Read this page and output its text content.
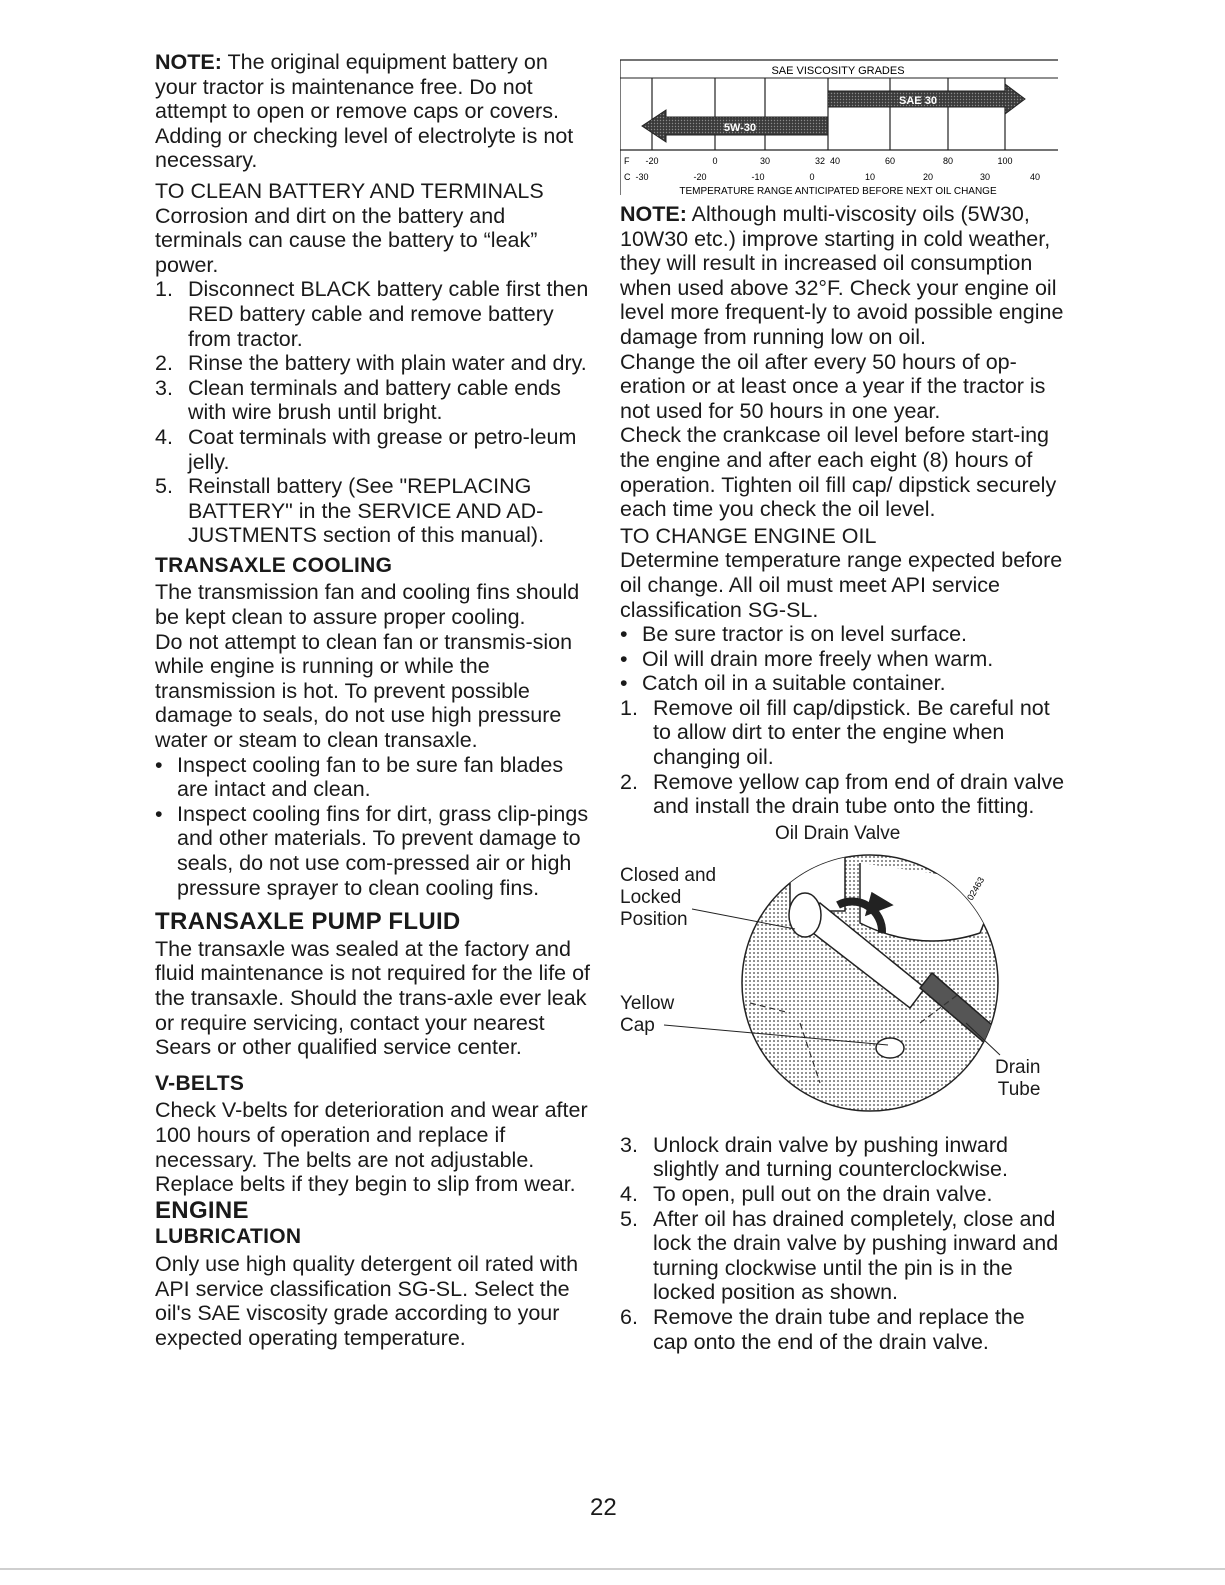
NOTE: The original equipment battery on your tractor is maintenance free. Do not attempt to open or remove caps or covers. Adding or checking level of electrolyte is not necessary.

TO CLEAN BATTERY AND TERMINALS

Corrosion and dirt on the battery and terminals can cause the battery to “leak” power.

1. Disconnect BLACK battery cable first then RED battery cable and remove battery from tractor.
2. Rinse the battery with plain water and dry.
3. Clean terminals and battery cable ends with wire brush until bright.
4. Coat terminals with grease or petro-leum jelly.
5. Reinstall battery (See "REPLACING BATTERY" in the SERVICE AND AD-JUSTMENTS section of this manual).
TRANSAXLE COOLING

The transmission fan and cooling fins should be kept clean to assure proper cooling.

Do not attempt to clean fan or transmis-sion while engine is running or while the transmission is hot. To prevent possible damage to seals, do not use high pressure water or steam to clean transaxle.

• Inspect cooling fan to be sure fan blades are intact and clean.
• Inspect cooling fins for dirt, grass clip-pings and other materials. To prevent damage to seals, do not use com-pressed air or high pressure sprayer to clean cooling fins.
TRANSAXLE PUMP FLUID

The transaxle was sealed at the factory and fluid maintenance is not required for the life of the transaxle. Should the trans-axle ever leak or require servicing, contact your nearest Sears or other qualified service center.

V-BELTS

Check V-belts for deterioration and wear after 100 hours of operation and replace if necessary. The belts are not adjustable. Replace belts if they begin to slip from wear.

ENGINE
LUBRICATION

Only use high quality detergent oil rated with API service classification SG-SL. Select the oil's SAE viscosity grade according to your expected operating temperature.

SAE VISCOSITY GRADES
5W-30
SAE 30
F
C
-20	0	30	32 40	60	80	100
-30	-20	-10	0	10	20	30	40
TEMPERATURE RANGE ANTICIPATED BEFORE NEXT OIL CHANGE

NOTE: Although multi-viscosity oils (5W30, 10W30 etc.) improve starting in cold weather, they will result in increased oil consumption when used above 32°F. Check your engine oil level more frequent-ly to avoid possible engine damage from running low on oil.

Change the oil after every 50 hours of op-eration or at least once a year if the tractor is not used for 50 hours in one year.

Check the crankcase oil level before start-ing the engine and after each eight (8) hours of operation. Tighten oil fill cap/ dipstick securely each time you check the oil level.

TO CHANGE ENGINE OIL

Determine temperature range expected before oil change. All oil must meet API service classification SG-SL.

• Be sure tractor is on level surface.
• Oil will drain more freely when warm.
• Catch oil in a suitable container.
1. Remove oil fill cap/dipstick. Be careful not to allow dirt to enter the engine when changing oil.
2. Remove yellow cap from end of drain valve and install the drain tube onto the fitting.
Oil Drain Valve
Closed and
Locked
Position
Yellow
Cap
Drain
Tube
02463
3. Unlock drain valve by pushing inward slightly and turning counterclockwise.
4. To open, pull out on the drain valve.
5. After oil has drained completely, close and lock the drain valve by pushing inward and turning clockwise until the pin is in the locked position as shown.
6. Remove the drain tube and replace the cap onto the end of the drain valve.
22
